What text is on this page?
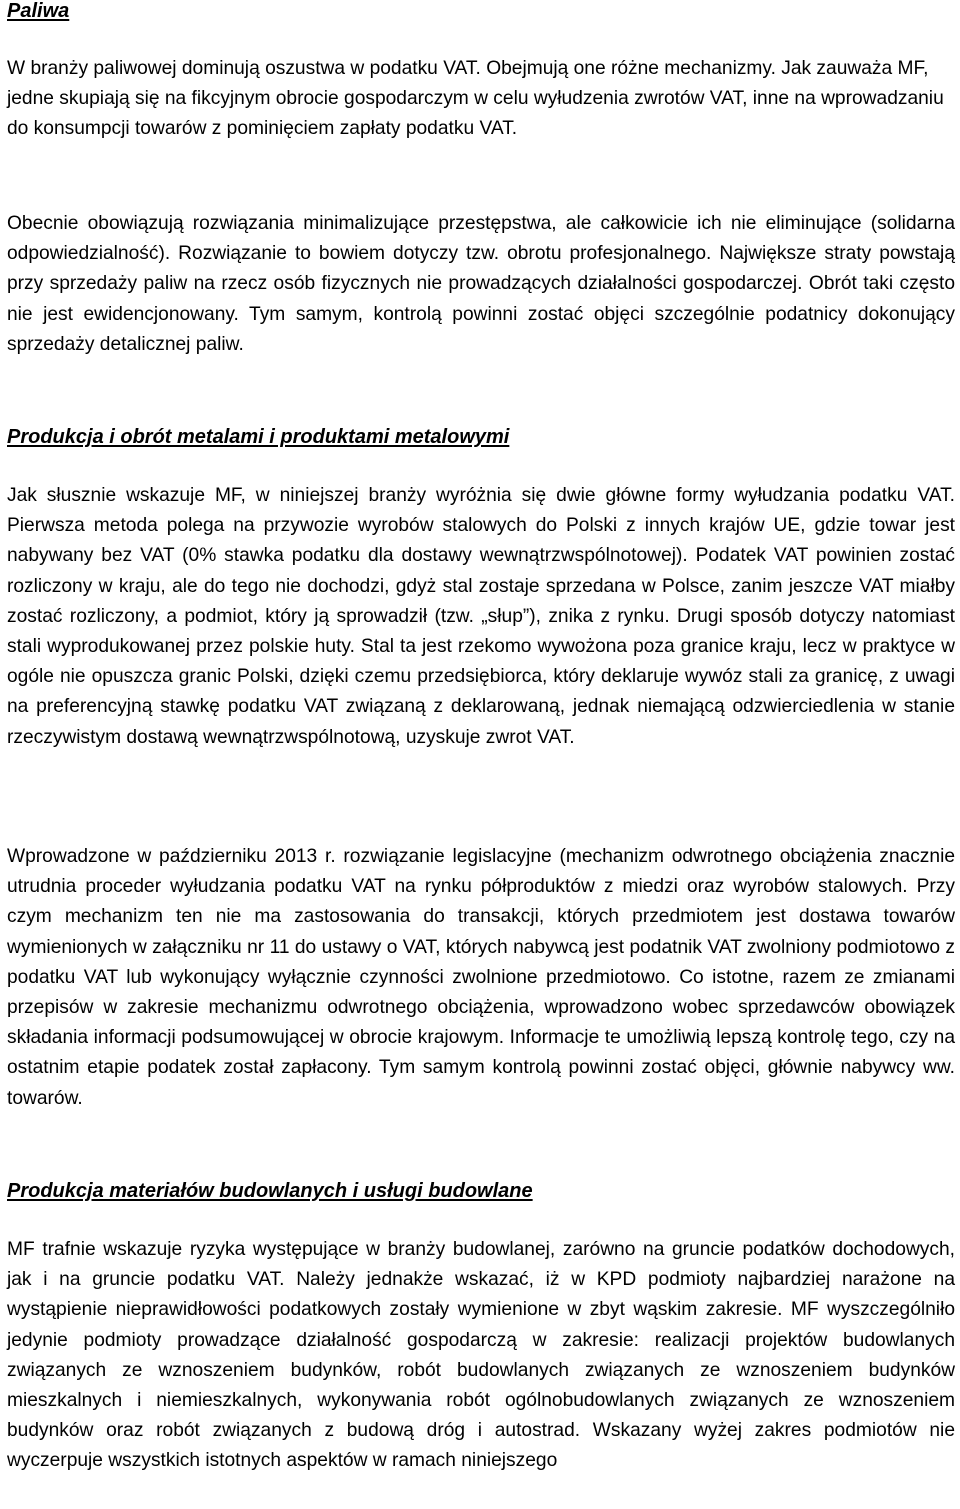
Paliwa

W branży paliwowej dominują oszustwa w podatku VAT. Obejmują one różne mechanizmy. Jak zauważa MF, jedne skupiają się na fikcyjnym obrocie gospodarczym w celu wyłudzenia zwrotów VAT, inne na wprowadzaniu do konsumpcji towarów z pominięciem zapłaty podatku VAT.

Obecnie obowiązują rozwiązania minimalizujące przestępstwa, ale całkowicie ich nie eliminujące (solidarna odpowiedzialność). Rozwiązanie to bowiem dotyczy tzw. obrotu profesjonalnego. Największe straty powstają przy sprzedaży paliw na rzecz osób fizycznych nie prowadzących działalności gospodarczej. Obrót taki często nie jest ewidencjonowany. Tym samym, kontrolą powinni zostać objęci szczególnie podatnicy dokonujący sprzedaży detalicznej paliw.

Produkcja i obrót metalami i produktami metalowymi

Jak słusznie wskazuje MF, w niniejszej branży wyróżnia się dwie główne formy wyłudzania podatku VAT. Pierwsza metoda polega na przywozie wyrobów stalowych do Polski z innych krajów UE, gdzie towar jest nabywany bez VAT (0% stawka podatku dla dostawy wewnątrzwspólnotowej). Podatek VAT powinien zostać rozliczony w kraju, ale do tego nie dochodzi, gdyż stal zostaje sprzedana w Polsce, zanim jeszcze VAT miałby zostać rozliczony, a podmiot, który ją sprowadził (tzw. „słup”), znika z rynku. Drugi sposób dotyczy natomiast stali wyprodukowanej przez polskie huty. Stal ta jest rzekomo wywożona poza granice kraju, lecz w praktyce w ogóle nie opuszcza granic Polski, dzięki czemu przedsiębiorca, który deklaruje wywóz stali za granicę, z uwagi na preferencyjną stawkę podatku VAT związaną z deklarowaną, jednak niemającą odzwierciedlenia w stanie rzeczywistym dostawą wewnątrzwspólnotową, uzyskuje zwrot VAT.

Wprowadzone w październiku 2013 r. rozwiązanie legislacyjne (mechanizm odwrotnego obciążenia znacznie utrudnia proceder wyłudzania podatku VAT na rynku półproduktów z miedzi oraz wyrobów stalowych. Przy czym mechanizm ten nie ma zastosowania do transakcji, których przedmiotem jest dostawa towarów wymienionych w załączniku nr 11 do ustawy o VAT, których nabywcą jest podatnik VAT zwolniony podmiotowo z podatku VAT lub wykonujący wyłącznie czynności zwolnione przedmiotowo. Co istotne, razem ze zmianami przepisów w zakresie mechanizmu odwrotnego obciążenia, wprowadzono wobec sprzedawców obowiązek składania informacji podsumowującej w obrocie krajowym. Informacje te umożliwią lepszą kontrolę tego, czy na ostatnim etapie podatek został zapłacony. Tym samym kontrolą powinni zostać objęci, głównie nabywcy ww. towarów.

Produkcja materiałów budowlanych i usługi budowlane

MF trafnie wskazuje ryzyka występujące w branży budowlanej, zarówno na gruncie podatków dochodowych, jak i na gruncie podatku VAT. Należy jednakże wskazać, iż w KPD podmioty najbardziej narażone na wystąpienie nieprawidłowości podatkowych zostały wymienione w zbyt wąskim zakresie. MF wyszczególniło jedynie podmioty prowadzące działalność gospodarczą w zakresie: realizacji projektów budowlanych związanych ze wznoszeniem budynków, robót budowlanych związanych ze wznoszeniem budynków mieszkalnych i niemieszkalnych, wykonywania robót ogólnobudowlanych związanych ze wznoszeniem budynków oraz robót związanych z budową dróg i autostrad. Wskazany wyżej zakres podmiotów nie wyczerpuje wszystkich istotnych aspektów w ramach niniejszego
